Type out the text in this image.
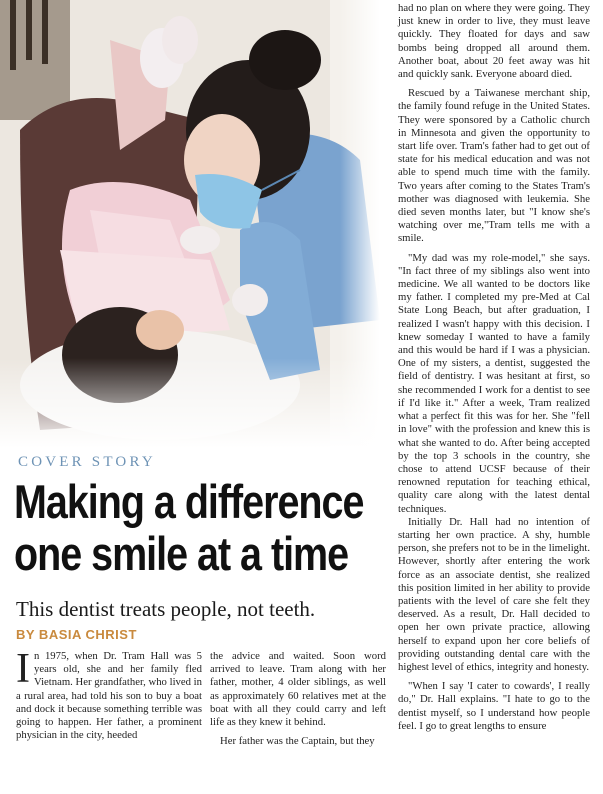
COVER STORY
Making a difference
one smile at a time
This dentist treats people, not teeth.
BY BASIA CHRIST

In 1975, when Dr. Tram Hall was 5 years old, she and her family fled Vietnam. Her grandfather, who lived in a rural area, had told his son to buy a boat and dock it because something terrible was going to happen. Her father, a prominent physician in the city, heeded

the advice and waited. Soon word arrived to leave. Tram along with her father, mother, 4 older siblings, as well as approximately 60 relatives met at the boat with all they could carry and left life as they knew it behind.

Her father was the Captain, but they

had no plan on where they were going. They just knew in order to live, they must leave quickly. They floated for days and saw bombs being dropped all around them. Another boat, about 20 feet away was hit and quickly sank. Everyone aboard died.

Rescued by a Taiwanese merchant ship, the family found refuge in the United States. They were sponsored by a Catholic church in Minnesota and given the opportunity to start life over. Tram's father had to get out of state for his medical education and was not able to spend much time with the family. Two years after coming to the States Tram's mother was diagnosed with leukemia. She died seven months later, but "I know she's watching over me,"Tram tells me with a smile.

"My dad was my role-model," she says. "In fact three of my siblings also went into medicine. We all wanted to be doctors like my father. I completed my pre-Med at Cal State Long Beach, but after graduation, I realized I wasn't happy with this decision. I knew someday I wanted to have a family and this would be hard if I was a physician. One of my sisters, a dentist, suggested the field of dentistry. I was hesitant at first, so she recommended I work for a dentist to see if I'd like it." After a week, Tram realized what a perfect fit this was for her. She "fell in love" with the profession and knew this is what she wanted to do. After being accepted by the top 3 schools in the country, she chose to attend UCSF because of their renowned reputation for teaching ethical, quality care along with the latest dental techniques.

Initially Dr. Hall had no intention of starting her own practice. A shy, humble person, she prefers not to be in the limelight. However, shortly after entering the work force as an associate dentist, she realized this position limited in her ability to provide patients with the level of care she felt they deserved. As a result, Dr. Hall decided to open her own private practice, allowing herself to expand upon her core beliefs of providing outstanding dental care with the highest level of ethics, integrity and honesty.

"When I say 'I cater to cowards', I really do," Dr. Hall explains. "I hate to go to the dentist myself, so I understand how people feel. I go to great lengths to ensure
